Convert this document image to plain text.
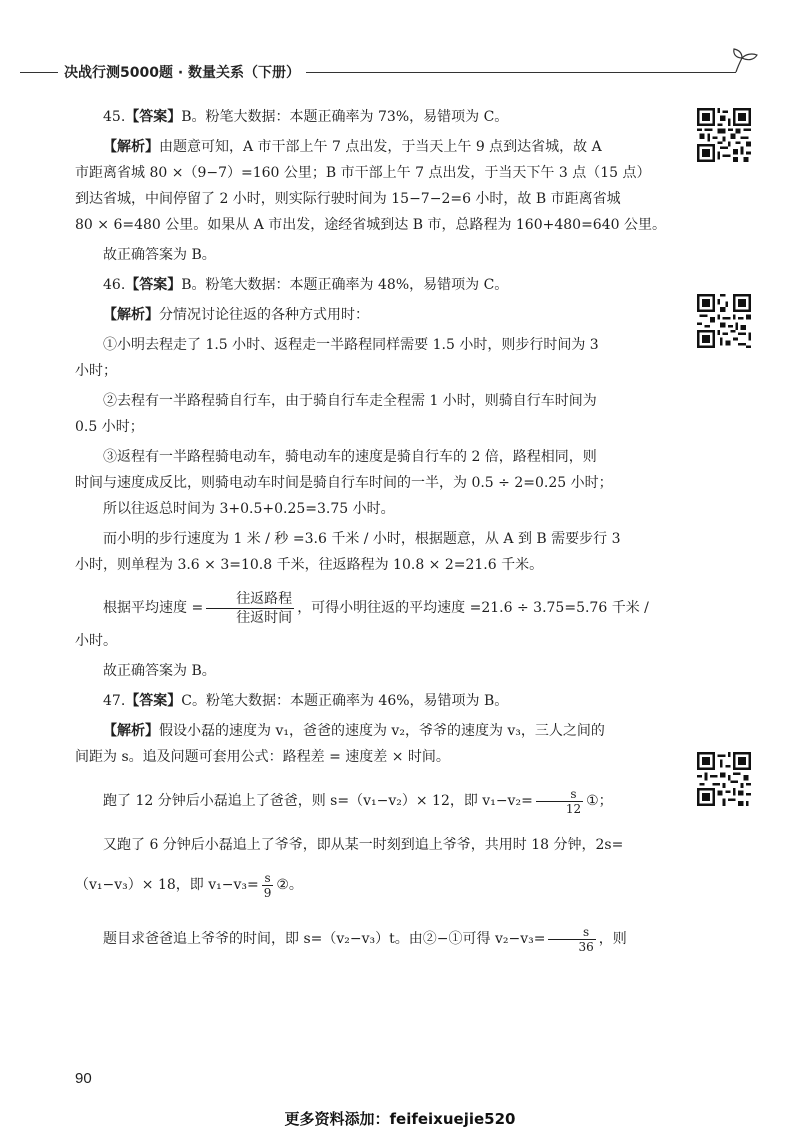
决战行测5000题 · 数量关系（下册）

45.【答案】B。粉笔大数据：本题正确率为 73%，易错项为 C。

【解析】由题意可知，A 市干部上午 7 点出发，于当天上午 9 点到达省城，故 A

市距离省城 80 ×（9−7）=160 公里；B 市干部上午 7 点出发，于当天下午 3 点（15 点）

到达省城，中间停留了 2 小时，则实际行驶时间为 15−7−2=6 小时，故 B 市距离省城

80 × 6=480 公里。如果从 A 市出发，途经省城到达 B 市，总路程为 160+480=640 公里。

故正确答案为 B。

46.【答案】B。粉笔大数据：本题正确率为 48%，易错项为 C。

【解析】分情况讨论往返的各种方式用时：

①小明去程走了 1.5 小时、返程走一半路程同样需要 1.5 小时，则步行时间为 3

小时；

②去程有一半路程骑自行车，由于骑自行车走全程需 1 小时，则骑自行车时间为

0.5 小时；

③返程有一半路程骑电动车，骑电动车的速度是骑自行车的 2 倍，路程相同，则

时间与速度成反比，则骑电动车时间是骑自行车时间的一半，为 0.5 ÷ 2=0.25 小时；

所以往返总时间为 3+0.5+0.25=3.75 小时。

而小明的步行速度为 1 米 / 秒 =3.6 千米 / 小时，根据题意，从 A 到 B 需要步行 3

小时，则单程为 3.6 × 3=10.8 千米，往返路程为 10.8 × 2=21.6 千米。

根据平均速度 = $\frac{\text{往返路程}}{\text{往返时间}}$ ，可得小明往返的平均速度 =21.6 ÷ 3.75=5.76 千米 /

小时。

故正确答案为 B。

47.【答案】C。粉笔大数据：本题正确率为 46%，易错项为 B。

【解析】假设小磊的速度为 v₁，爸爸的速度为 v₂，爷爷的速度为 v₃，三人之间的

间距为 s。追及问题可套用公式：路程差 = 速度差 × 时间。

跑了 12 分钟后小磊追上了爸爸，则 s=（v₁−v₂）× 12，即 $v_1-v_2= \frac{s}{12}$ ①；

又跑了 6 分钟后小磊追上了爷爷，即从某一时刻到追上爷爷，共用时 18 分钟，2s=

（v₁−v₃）× 18，即 $v_1-v_3= \frac{s}{9}$ ②。

题目求爸爸追上爷爷的时间，即 s=（v₂−v₃）t。由②−①可得 $v_2-v_3= \frac{s}{36}$ ，则

90
更多资料添加：feifeixuejie520
